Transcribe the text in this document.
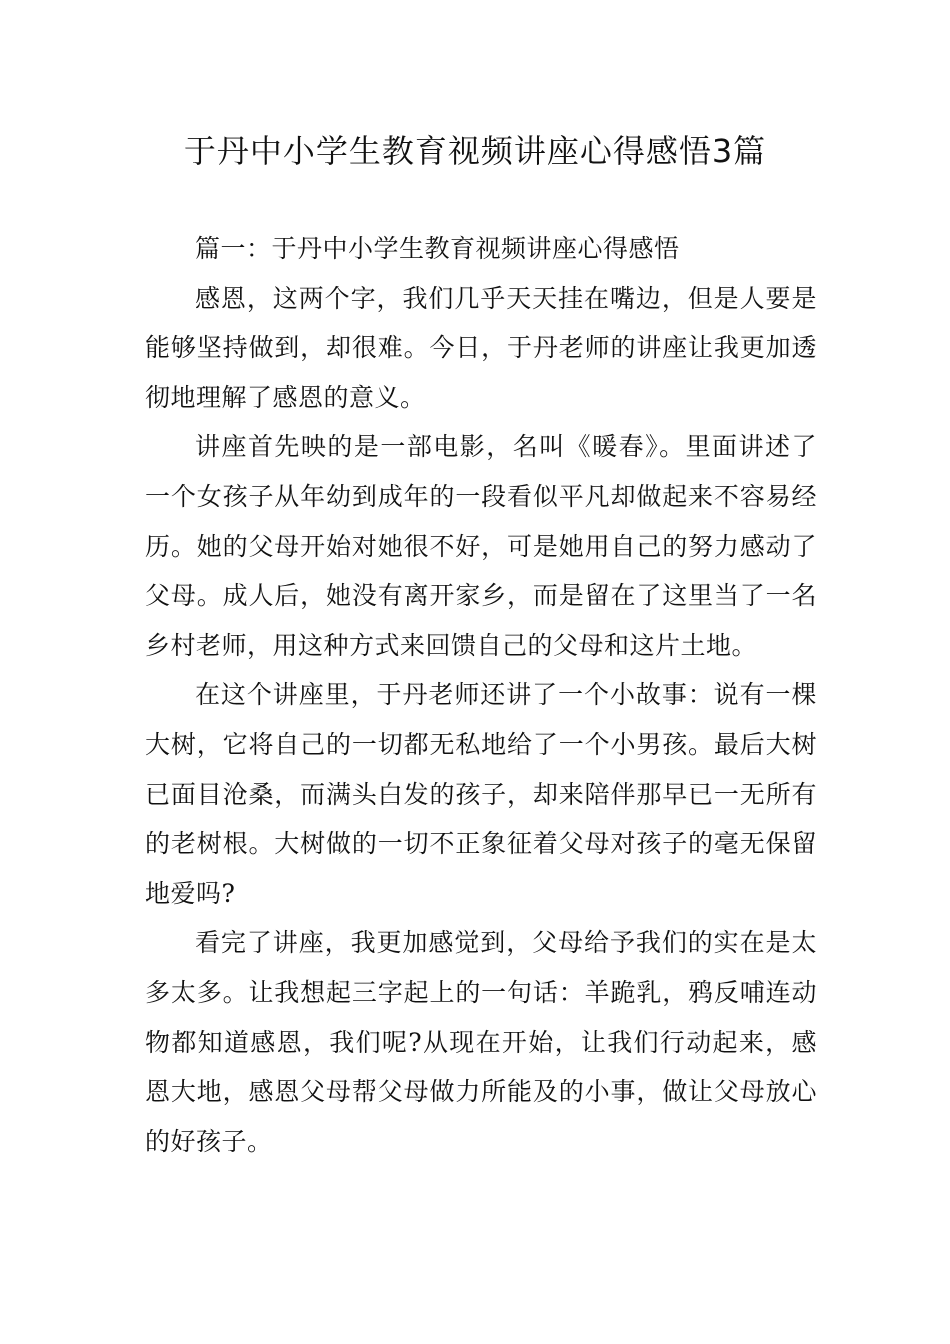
于丹中小学生教育视频讲座心得感悟3篇

篇一：于丹中小学生教育视频讲座心得感悟

感恩，这两个字，我们几乎天天挂在嘴边，但是人要是能够坚持做到，却很难。今日，于丹老师的讲座让我更加透彻地理解了感恩的意义。

讲座首先映的是一部电影，名叫《暖春》。里面讲述了一个女孩子从年幼到成年的一段看似平凡却做起来不容易经历。她的父母开始对她很不好，可是她用自己的努力感动了父母。成人后，她没有离开家乡，而是留在了这里当了一名乡村老师，用这种方式来回馈自己的父母和这片土地。

在这个讲座里，于丹老师还讲了一个小故事：说有一棵大树，它将自己的一切都无私地给了一个小男孩。最后大树已面目沧桑，而满头白发的孩子，却来陪伴那早已一无所有的老树根。大树做的一切不正象征着父母对孩子的毫无保留地爱吗?

看完了讲座，我更加感觉到，父母给予我们的实在是太多太多。让我想起三字起上的一句话：羊跪乳，鸦反哺连动物都知道感恩，我们呢?从现在开始，让我们行动起来，感恩大地，感恩父母帮父母做力所能及的小事，做让父母放心的好孩子。
